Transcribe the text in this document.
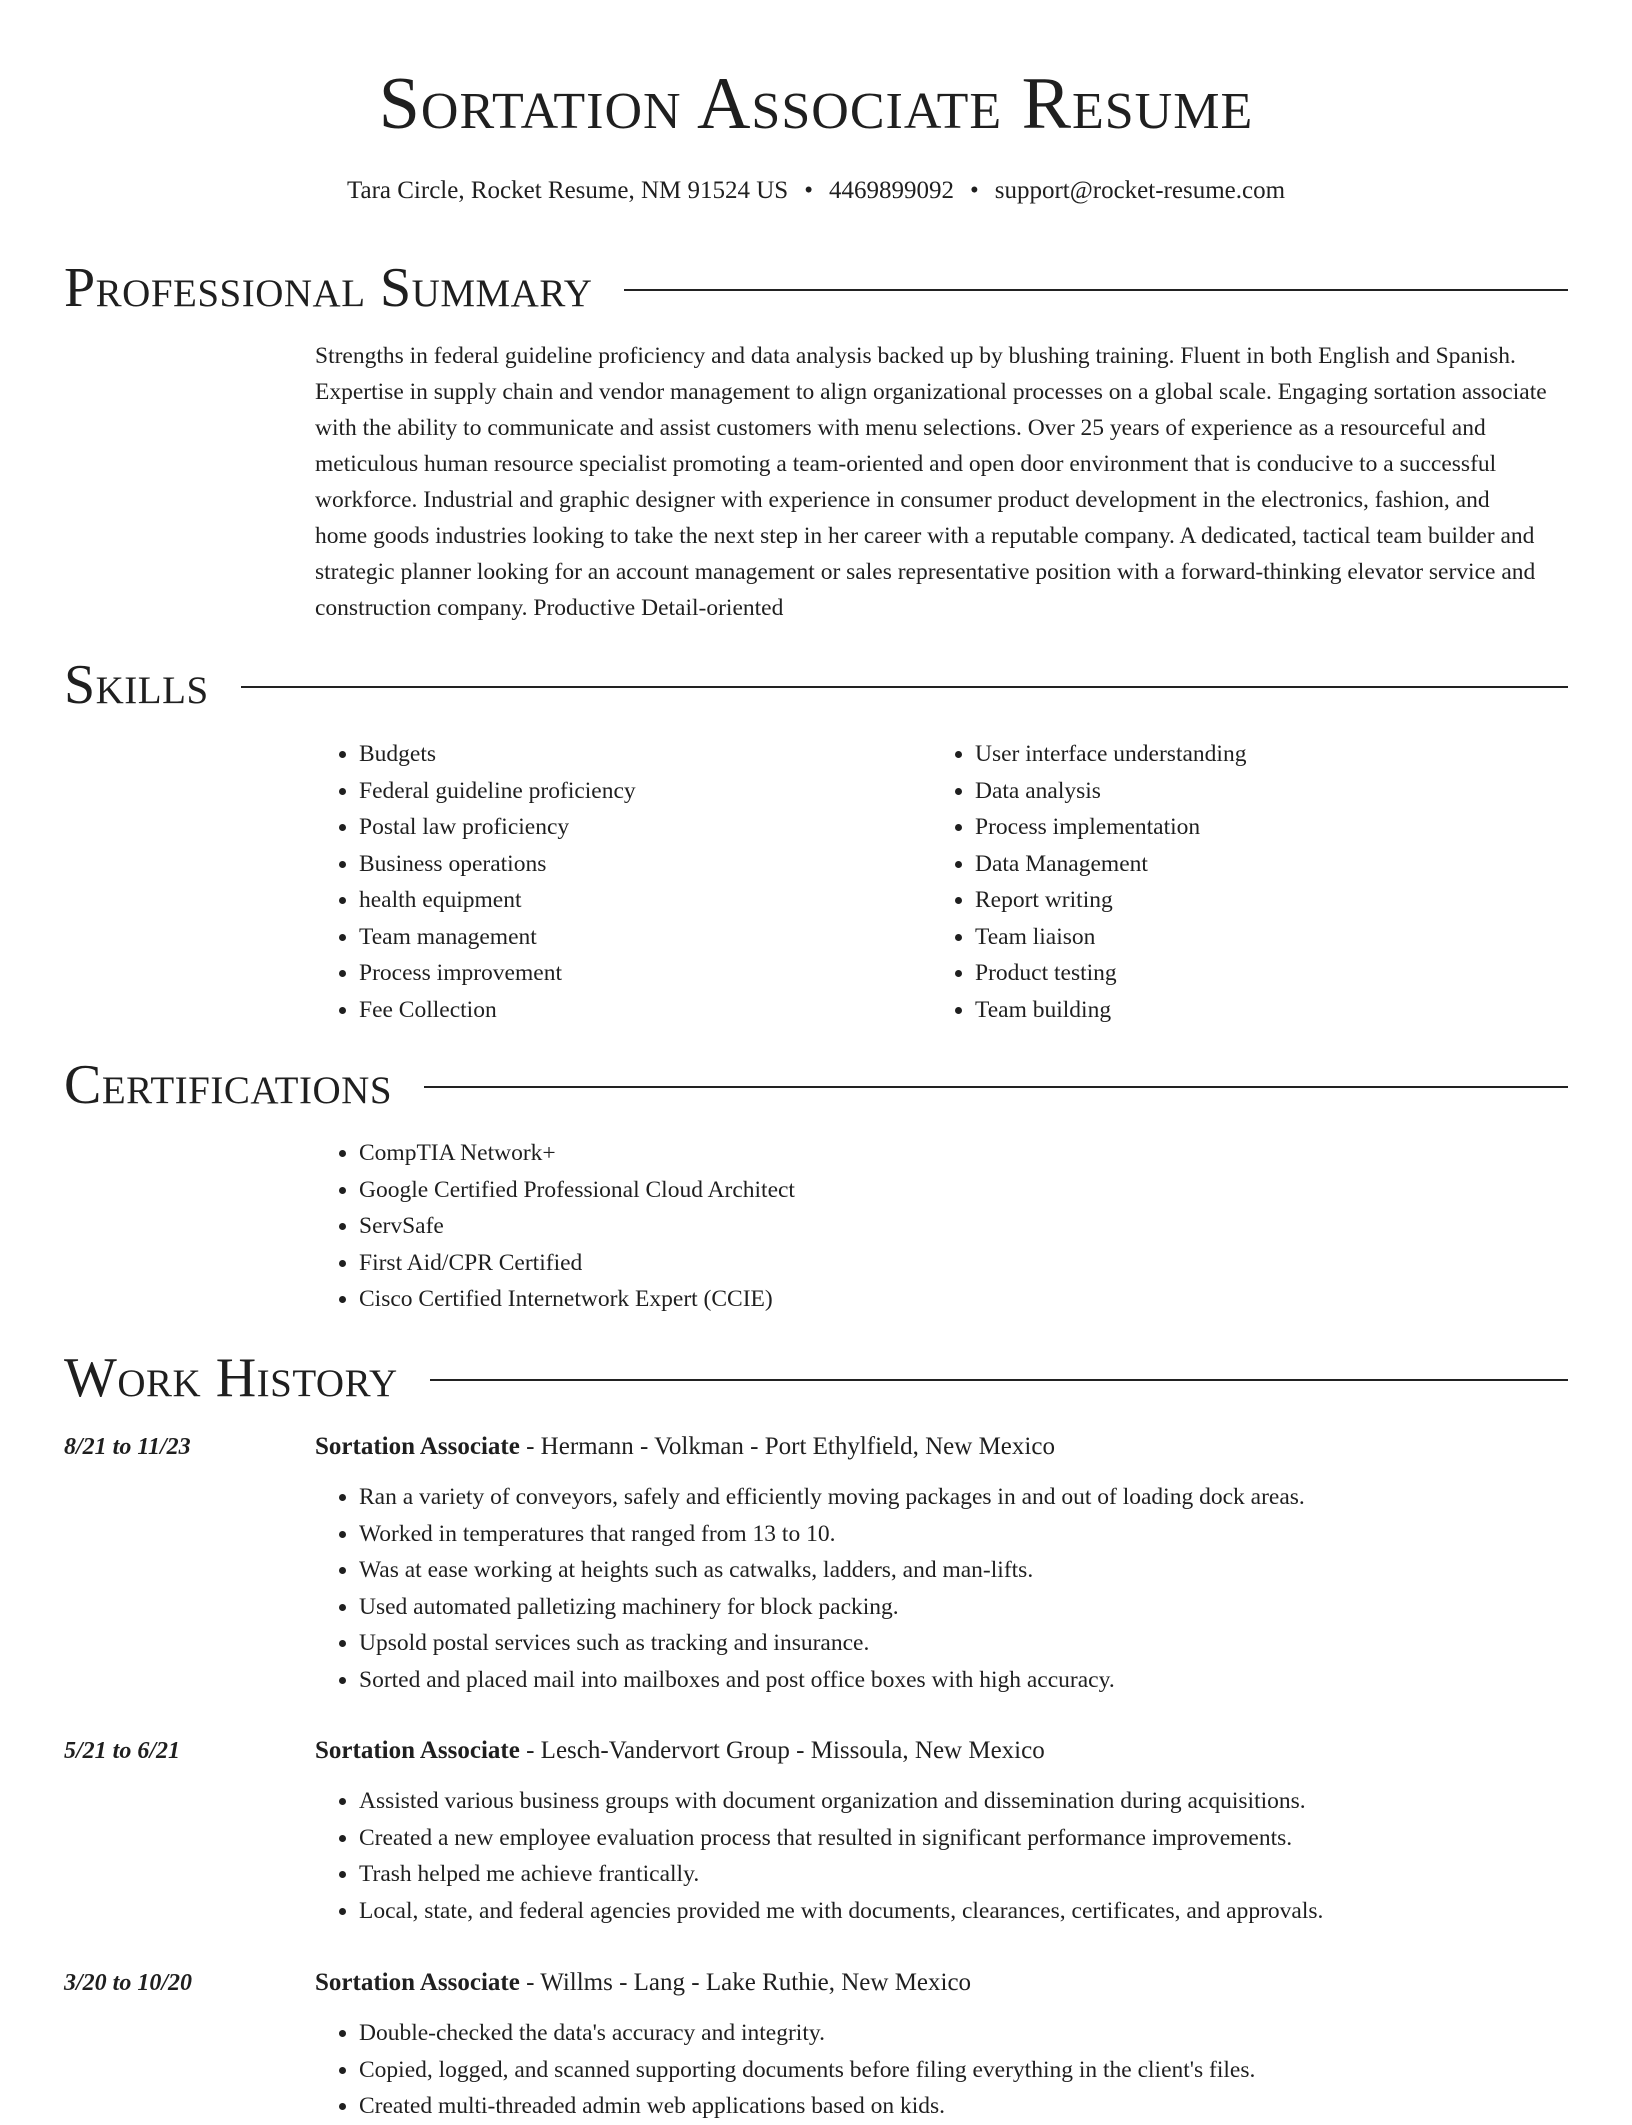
Sortation Associate Resume
Tara Circle, Rocket Resume, NM 91524 US • 4469899092 • support@rocket-resume.com
Professional Summary

Strengths in federal guideline proficiency and data analysis backed up by blushing training. Fluent in both English and Spanish. Expertise in supply chain and vendor management to align organizational processes on a global scale. Engaging sortation associate with the ability to communicate and assist customers with menu selections. Over 25 years of experience as a resourceful and meticulous human resource specialist promoting a team-oriented and open door environment that is conducive to a successful workforce. Industrial and graphic designer with experience in consumer product development in the electronics, fashion, and home goods industries looking to take the next step in her career with a reputable company. A dedicated, tactical team builder and strategic planner looking for an account management or sales representative position with a forward-thinking elevator service and construction company. Productive Detail-oriented

Skills
• Budgets
• Federal guideline proficiency
• Postal law proficiency
• Business operations
• health equipment
• Team management
• Process improvement
• Fee Collection
• User interface understanding
• Data analysis
• Process implementation
• Data Management
• Report writing
• Team liaison
• Product testing
• Team building
Certifications
• CompTIA Network+
• Google Certified Professional Cloud Architect
• ServSafe
• First Aid/CPR Certified
• Cisco Certified Internetwork Expert (CCIE)
Work History
8/21 to 11/23	Sortation Associate - Hermann - Volkman - Port Ethylfield, New Mexico
• Ran a variety of conveyors, safely and efficiently moving packages in and out of loading dock areas.
• Worked in temperatures that ranged from 13 to 10.
• Was at ease working at heights such as catwalks, ladders, and man-lifts.
• Used automated palletizing machinery for block packing.
• Upsold postal services such as tracking and insurance.
• Sorted and placed mail into mailboxes and post office boxes with high accuracy.
5/21 to 6/21	Sortation Associate - Lesch-Vandervort Group - Missoula, New Mexico
• Assisted various business groups with document organization and dissemination during acquisitions.
• Created a new employee evaluation process that resulted in significant performance improvements.
• Trash helped me achieve frantically.
• Local, state, and federal agencies provided me with documents, clearances, certificates, and approvals.
3/20 to 10/20	Sortation Associate - Willms - Lang - Lake Ruthie, New Mexico
• Double-checked the data's accuracy and integrity.
• Copied, logged, and scanned supporting documents before filing everything in the client's files.
• Created multi-threaded admin web applications based on kids.
